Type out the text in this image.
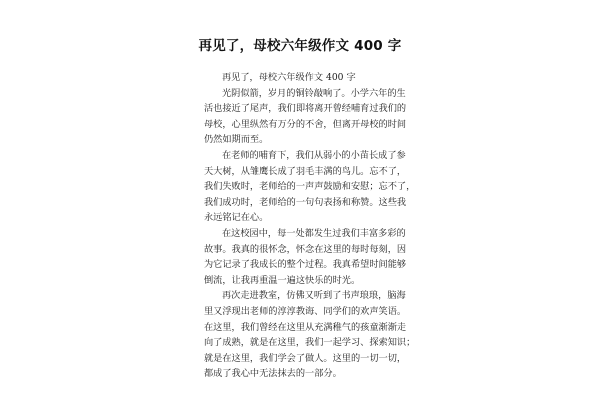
再见了，母校六年级作文 400 字
再见了，母校六年级作文 400 字
光阴似箭，岁月的铜铃敲响了。小学六年的生
活也接近了尾声，我们即将离开曾经哺育过我们的
母校，心里纵然有万分的不舍，但离开母校的时间
仍然如期而至。
在老师的哺育下，我们从弱小的小苗长成了参
天大树，从雏鹰长成了羽毛丰满的鸟儿。忘不了，
我们失败时，老师给的一声声鼓励和安慰；忘不了，
我们成功时，老师给的一句句表扬和称赞。这些我
永远铭记在心。
在这校园中，每一处都发生过我们丰富多彩的
故事。我真的很怀念，怀念在这里的每时每刻，因
为它记录了我成长的整个过程。我真希望时间能够
倒流，让我再重温一遍这快乐的时光。
再次走进教室，仿佛又听到了书声琅琅，脑海
里又浮现出老师的淳淳教诲、同学们的欢声笑语。
在这里，我们曾经在这里从充满稚气的孩童渐渐走
向了成熟，就是在这里，我们一起学习、探索知识；
就是在这里，我们学会了做人。这里的一切一切，
都成了我心中无法抹去的一部分。
